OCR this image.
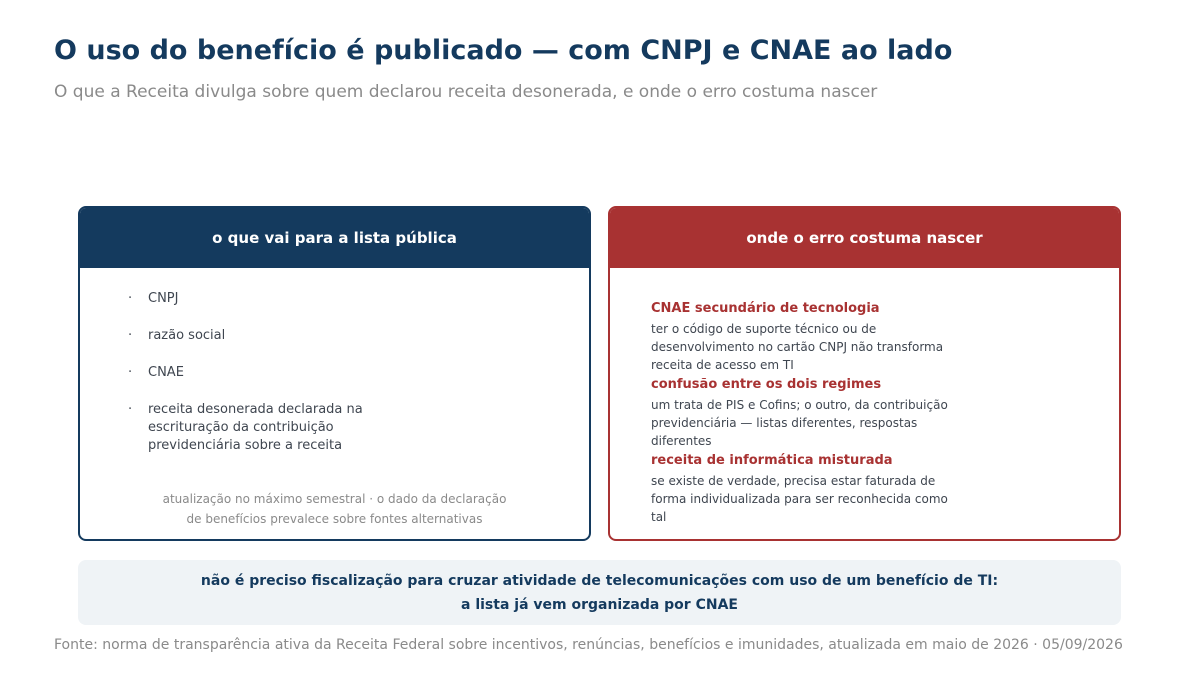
O uso do benefício é publicado — com CNPJ e CNAE ao lado
O que a Receita divulga sobre quem declarou receita desonerada, e onde o erro costuma nascer
o que vai para a lista pública
· CNPJ
· razão social
· CNAE
· receita desonerada declarada na escrituração da contribuição previdenciária sobre a receita
atualização no máximo semestral · o dado da declaração
de benefícios prevalece sobre fontes alternativas
onde o erro costuma nascer
CNAE secundário de tecnologia
ter o código de suporte técnico ou de desenvolvimento no cartão CNPJ não transforma receita de acesso em TI
confusão entre os dois regimes
um trata de PIS e Cofins; o outro, da contribuição previdenciária — listas diferentes, respostas diferentes
receita de informática misturada
se existe de verdade, precisa estar faturada de forma individualizada para ser reconhecida como tal
não é preciso fiscalização para cruzar atividade de telecomunicações com uso de um benefício de TI:
a lista já vem organizada por CNAE
Fonte: norma de transparência ativa da Receita Federal sobre incentivos, renúncias, benefícios e imunidades, atualizada em maio de 2026 · 05/09/2026
